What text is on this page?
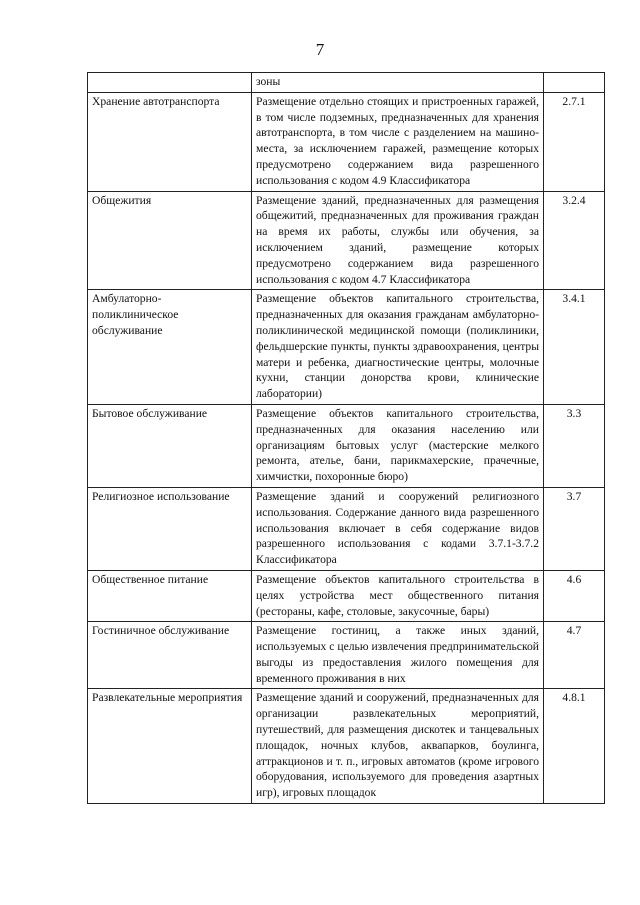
7
	зоны	
Хранение автотранспорта	Размещение отдельно стоящих и пристроенных гаражей, в том числе подземных, предназначенных для хранения автотранспорта, в том числе с разделением на машино-места, за исключением гаражей, размещение которых предусмотрено содержанием вида разрешенного использования с кодом 4.9 Классификатора	2.7.1
Общежития	Размещение зданий, предназначенных для размещения общежитий, предназначенных для проживания граждан на время их работы, службы или обучения, за исключением зданий, размещение которых предусмотрено содержанием вида разрешенного использования с кодом 4.7 Классификатора	3.2.4
Амбулаторно-поликлиническое обслуживание	Размещение объектов капитального строительства, предназначенных для оказания гражданам амбулаторно-поликлинической медицинской помощи (поликлиники, фельдшерские пункты, пункты здравоохранения, центры матери и ребенка, диагностические центры, молочные кухни, станции донорства крови, клинические лаборатории)	3.4.1
Бытовое обслуживание	Размещение объектов капитального строительства, предназначенных для оказания населению или организациям бытовых услуг (мастерские мелкого ремонта, ателье, бани, парикмахерские, прачечные, химчистки, похоронные бюро)	3.3
Религиозное использование	Размещение зданий и сооружений религиозного использования. Содержание данного вида разрешенного использования включает в себя содержание видов разрешенного использования с кодами 3.7.1-3.7.2 Классификатора	3.7
Общественное питание	Размещение объектов капитального строительства в целях устройства мест общественного питания (рестораны, кафе, столовые, закусочные, бары)	4.6
Гостиничное обслуживание	Размещение гостиниц, а также иных зданий, используемых с целью извлечения предпринимательской выгоды из предоставления жилого помещения для временного проживания в них	4.7
Развлекательные мероприятия	Размещение зданий и сооружений, предназначенных для организации развлекательных мероприятий, путешествий, для размещения дискотек и танцевальных площадок, ночных клубов, аквапарков, боулинга, аттракционов и т. п., игровых автоматов (кроме игрового оборудования, используемого для проведения азартных игр), игровых площадок	4.8.1
